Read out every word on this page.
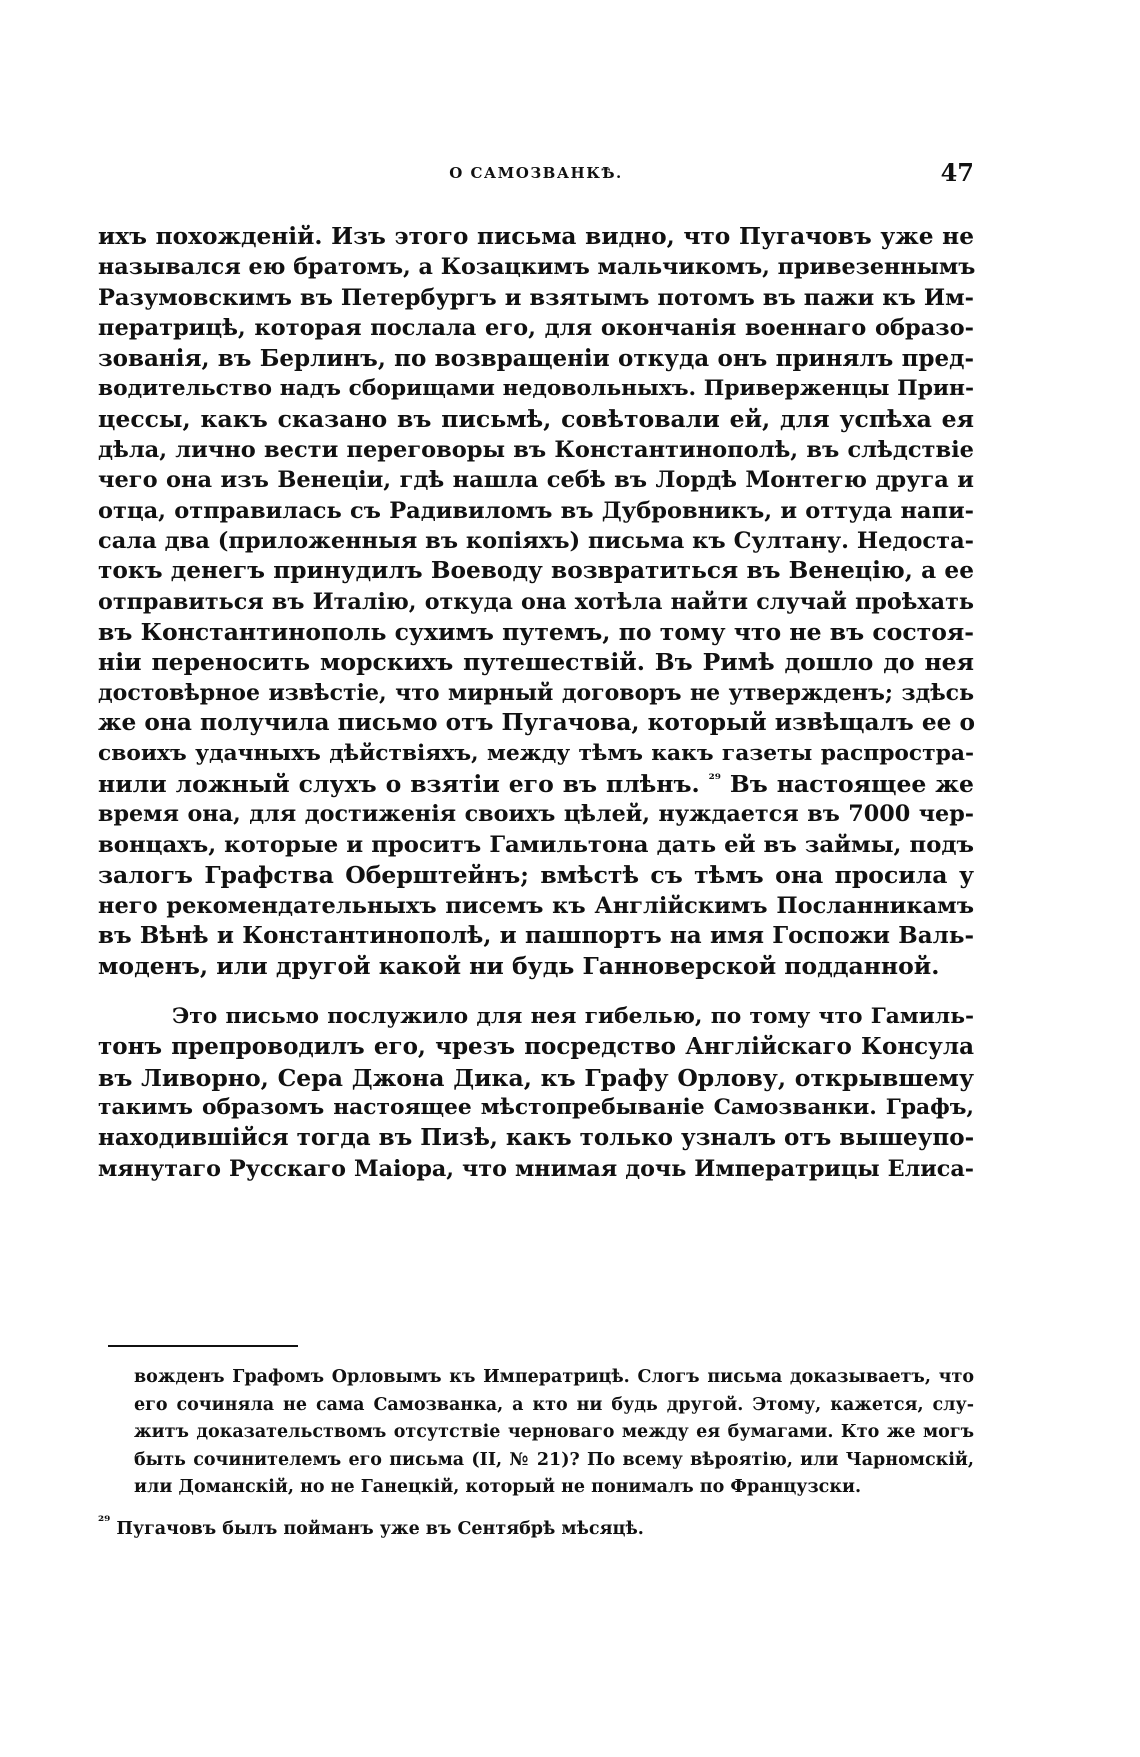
О САМОЗВАНКѢ.	47
ихъ похожденій. Изъ этого письма видно, что Пугачовъ уже не
назывался ею братомъ, а Козацкимъ мальчикомъ, привезеннымъ
Разумовскимъ въ Петербургъ и взятымъ потомъ въ пажи къ Им-
ператрицѣ, которая послала его, для окончанія военнаго образо-
зованія, въ Берлинъ, по возвращеніи откуда онъ принялъ пред-
водительство надъ сборищами недовольныхъ. Приверженцы Прин-
цессы, какъ сказано въ письмѣ, совѣтовали ей, для успѣха ея
дѣла, лично вести переговоры въ Константинополѣ, въ слѣдствіе
чего она изъ Венеціи, гдѣ нашла себѣ въ Лордѣ Монтегю друга и
отца, отправилась съ Радивиломъ въ Дубровникъ, и оттуда напи-
сала два (приложенныя въ копіяхъ) письма къ Султану. Недоста-
токъ денегъ принудилъ Воеводу возвратиться въ Венецію, а ее
отправиться въ Италію, откуда она хотѣла найти случай проѣхать
въ Константинополь сухимъ путемъ, по тому что не въ состоя-
ніи переносить морскихъ путешествій. Въ Римѣ дошло до нея
достовѣрное извѣстіе, что мирный договоръ не утвержденъ; здѣсь
же она получила письмо отъ Пугачова, который извѣщалъ ее о
своихъ удачныхъ дѣйствіяхъ, между тѣмъ какъ газеты распростра-
нили ложный слухъ о взятіи его въ плѣнъ. $^{^{29}}$ Въ настоящее же
время она, для достиженія своихъ цѣлей, нуждается въ 7000 чер-
вонцахъ, которые и проситъ Гамильтона дать ей въ займы, подъ
залогъ Графства Оберштейнъ; вмѣстѣ съ тѣмъ она просила у
него рекомендательныхъ писемъ къ Англійскимъ Посланникамъ
въ Вѣнѣ и Константинополѣ, и пашпортъ на имя Госпожи Валь-
моденъ, или другой какой ни будь Ганноверской подданной.
Это письмо послужило для нея гибелью, по тому что Гамиль-
тонъ препроводилъ его, чрезъ посредство Англійскаго Консула
въ Ливорно, Сера Джона Дика, къ Графу Орлову, открывшему
такимъ образомъ настоящее мѣстопребываніе Самозванки. Графъ,
находившійся тогда въ Пизѣ, какъ только узналъ отъ вышеупо-
мянутаго Русскаго Маіора, что мнимая дочь Императрицы Елиса-
вожденъ Графомъ Орловымъ къ Императрицѣ. Слогъ письма доказываетъ, что
его сочиняла не сама Самозванка, а кто ни будь другой. Этому, кажется, слу-
житъ доказательствомъ отсутствіе черноваго между ея бумагами. Кто же могъ
быть сочинителемъ его письма (II, № 21)? По всему вѣроятію, или Чарномскій,
или Доманскій, но не Ганецкій, который не понималъ по Французски.
$^{^{29}}$ Пугачовъ былъ пойманъ уже въ Сентябрѣ мѣсяцѣ.
